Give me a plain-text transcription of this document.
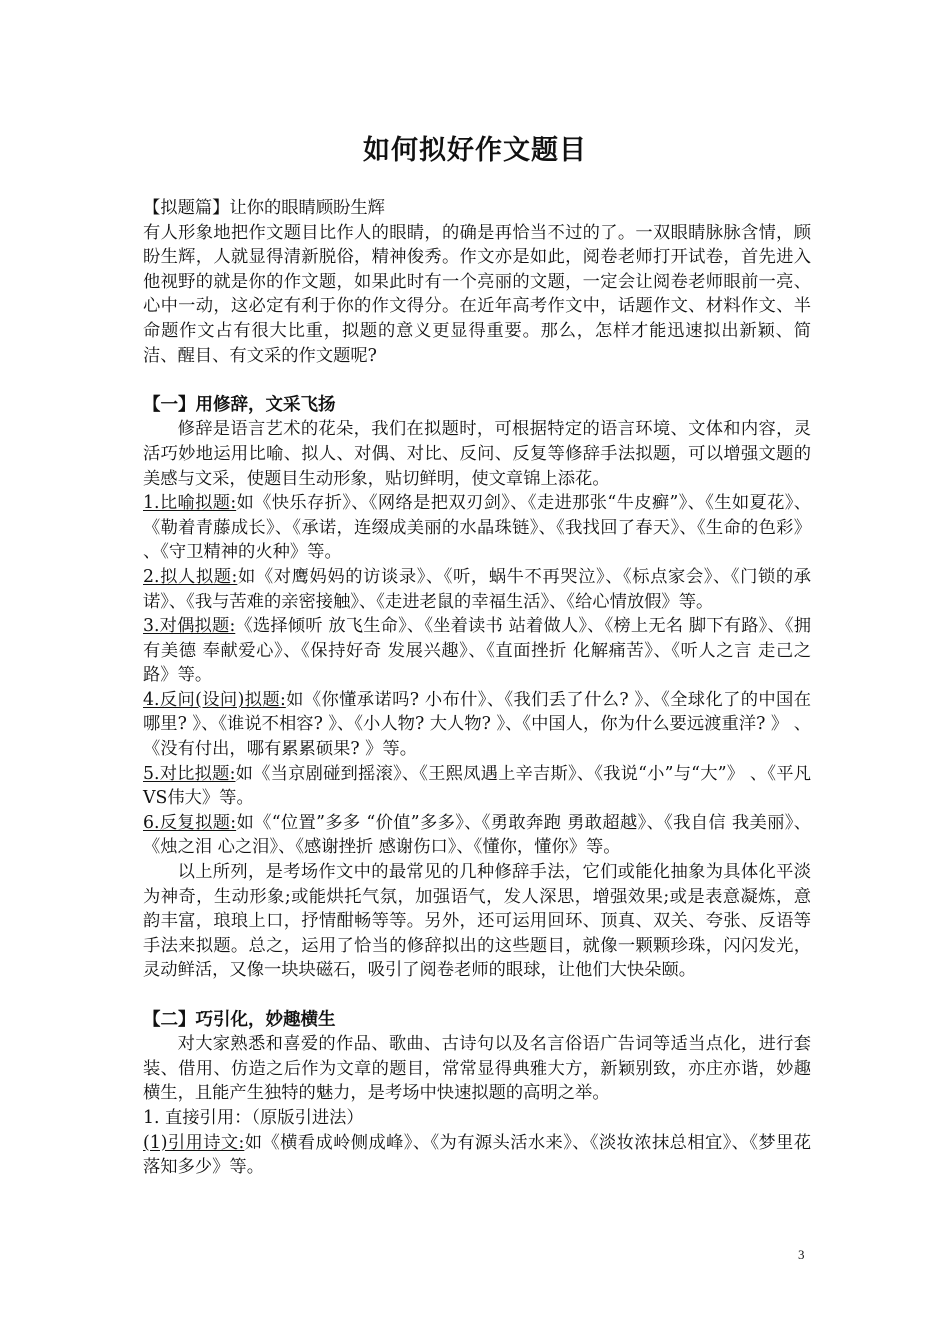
如何拟好作文题目

【拟题篇】让你的眼睛顾盼生辉

有人形象地把作文题目比作人的眼睛，的确是再恰当不过的了。一双眼睛脉脉含情，顾盼生辉，人就显得清新脱俗，精神俊秀。作文亦是如此，阅卷老师打开试卷，首先进入他视野的就是你的作文题，如果此时有一个亮丽的文题，一定会让阅卷老师眼前一亮、心中一动，这必定有利于你的作文得分。在近年高考作文中，话题作文、材料作文、半命题作文占有很大比重，拟题的意义更显得重要。那么，怎样才能迅速拟出新颖、简洁、醒目、有文采的作文题呢?

【一】用修辞，文采飞扬

修辞是语言艺术的花朵，我们在拟题时，可根据特定的语言环境、文体和内容，灵活巧妙地运用比喻、拟人、对偶、对比、反问、反复等修辞手法拟题，可以增强文题的美感与文采，使题目生动形象，贴切鲜明，使文章锦上添花。

1.比喻拟题:如《快乐存折》、《网络是把双刃剑》、《走进那张“牛皮癣”》、《生如夏花》、《勒着青藤成长》、《承诺，连缀成美丽的水晶珠链》、《我找回了春天》、《生命的色彩》 、《守卫精神的火种》等。

2.拟人拟题:如《对鹰妈妈的访谈录》、《听，蜗牛不再哭泣》、《标点家会》、《门锁的承诺》、《我与苦难的亲密接触》、《走进老鼠的幸福生活》、《给心情放假》等。

3.对偶拟题:《选择倾听 放飞生命》、《坐着读书 站着做人》、《榜上无名 脚下有路》、《拥有美德 奉献爱心》、《保持好奇 发展兴趣》、《直面挫折 化解痛苦》、《听人之言 走己之路》等。

4.反问(设问)拟题:如《你懂承诺吗? 小布什》、《我们丢了什么? 》、《全球化了的中国在哪里? 》、《谁说不相容? 》、《小人物? 大人物? 》、《中国人，你为什么要远渡重洋? 》 、《没有付出，哪有累累硕果? 》等。

5.对比拟题:如《当京剧碰到摇滚》、《王熙凤遇上辛吉斯》、《我说“小”与“大”》 、《平凡VS伟大》等。

6.反复拟题:如《“位置”多多 “价值”多多》、《勇敢奔跑 勇敢超越》、《我自信 我美丽》、《烛之泪 心之泪》、《感谢挫折 感谢伤口》、《懂你，懂你》等。

以上所列，是考场作文中的最常见的几种修辞手法，它们或能化抽象为具体化平淡为神奇，生动形象;或能烘托气氛，加强语气，发人深思，增强效果;或是表意凝炼，意韵丰富，琅琅上口，抒情酣畅等等。另外，还可运用回环、顶真、双关、夸张、反语等手法来拟题。总之，运用了恰当的修辞拟出的这些题目，就像一颗颗珍珠，闪闪发光，灵动鲜活，又像一块块磁石，吸引了阅卷老师的眼球，让他们大快朵颐。

【二】巧引化，妙趣横生

对大家熟悉和喜爱的作品、歌曲、古诗句以及名言俗语广告词等适当点化，进行套装、借用、仿造之后作为文章的题目，常常显得典雅大方，新颖别致，亦庄亦谐，妙趣横生，且能产生独特的魅力，是考场中快速拟题的高明之举。

1. 直接引用：（原版引进法）

(1)引用诗文:如《横看成岭侧成峰》、《为有源头活水来》、《淡妆浓抹总相宜》、《梦里花落知多少》等。

3
